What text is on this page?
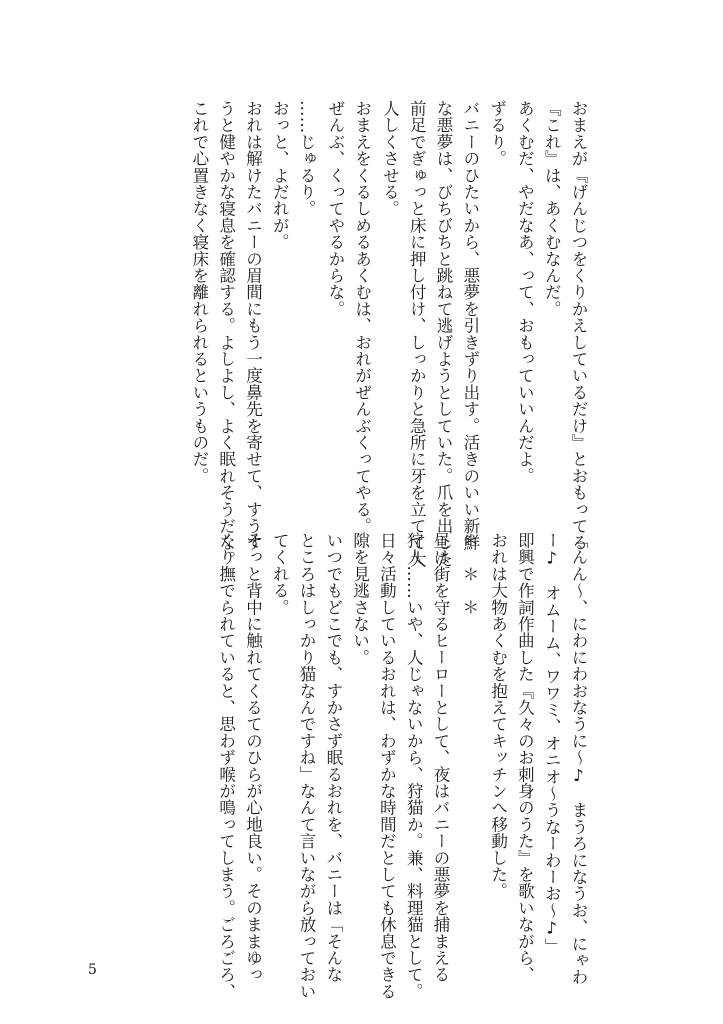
おまえが『げんじつをくりかえしているだけ』とおもってる
『これ』は、あくむなんだ。
あくむだ、やだなあ、って、おもっていいんだよ。
ずるり。
バニーのひたいから、悪夢を引きずり出す。活きのいい新鮮
な悪夢は、びちびちと跳ねて逃げようとしていた。爪を出した
前足でぎゅっと床に押し付け、しっかりと急所に牙を立てて大
人しくさせる。
おまえをくるしめるあくむは、おれがぜんぶくってやる。
ぜんぶ、くってやるからな。
……じゅるり。
おっと、よだれが。
おれは解けたバニーの眉間にもう一度鼻先を寄せて、すうす
うと健やかな寝息を確認する。よしよし、よく眠れそうだな。
これで心置きなく寝床を離れられるというものだ。
「んん〜、にわにわおなうに〜♪　まうろになうお、にゃわ
ー♪　オムーム、ワワミ、オニオ〜うなーわーお〜♪」
即興で作詞作曲した『久々のお刺身のうた』を歌いながら、
おれは大物あくむを抱えてキッチンへ移動した。
＊　＊　＊
昼は街を守るヒーローとして、夜はバニーの悪夢を捕まえる
狩人……いや、人じゃないから、狩猫か。兼、料理猫として。
日々活動しているおれは、わずかな時間だとしても休息できる
隙を見逃さない。
いつでもどこでも、すかさず眠るおれを、バニーは「そんな
ところはしっかり猫なんですね」なんて言いながら放っておい
てくれる。
そっと背中に触れてくるてのひらが心地良い。そのままゆっ
くり撫でられていると、思わず喉が鳴ってしまう。ごろごろ、
5
